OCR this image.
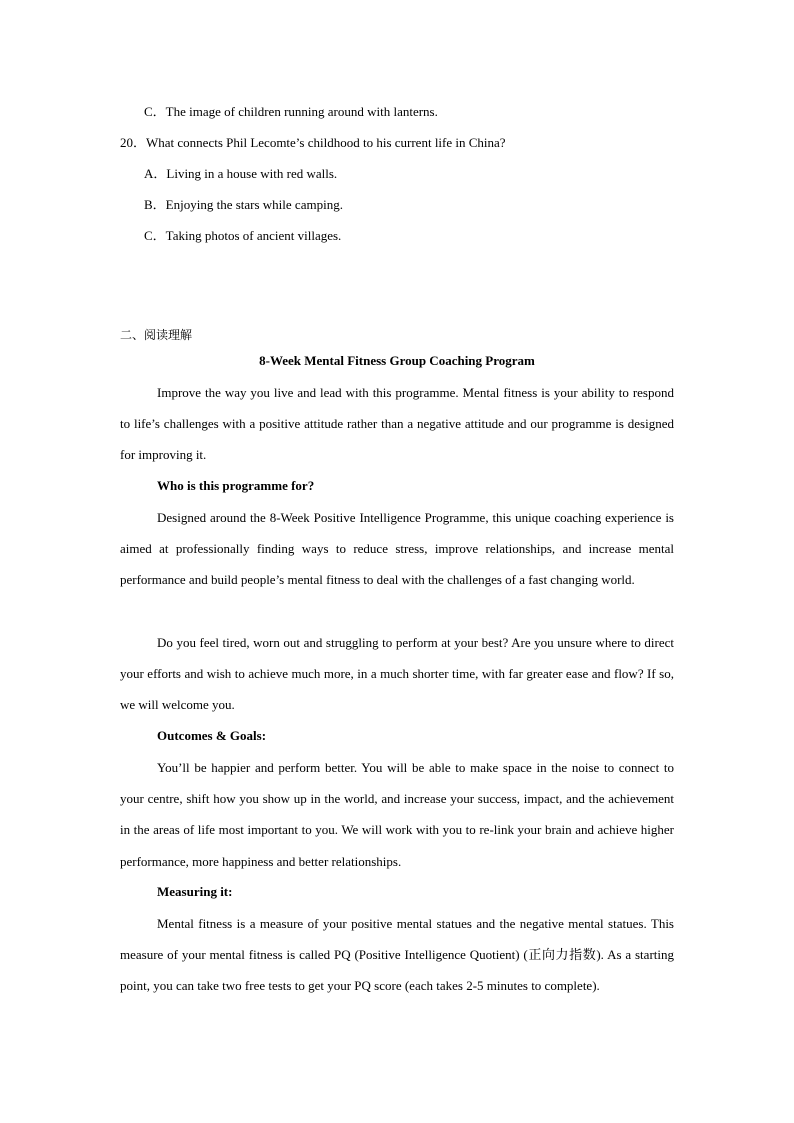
C．The image of children running around with lanterns.
20．What connects Phil Lecomte’s childhood to his current life in China?
A．Living in a house with red walls.
B．Enjoying the stars while camping.
C．Taking photos of ancient villages.
二、阅读理解
8-Week Mental Fitness Group Coaching Program

Improve the way you live and lead with this programme. Mental fitness is your ability to respond to life’s challenges with a positive attitude rather than a negative attitude and our programme is designed for improving it.

Who is this programme for?

Designed around the 8-Week Positive Intelligence Programme, this unique coaching experience is aimed at professionally finding ways to reduce stress, improve relationships, and increase mental performance and build people’s mental fitness to deal with the challenges of a fast changing world.

Do you feel tired, worn out and struggling to perform at your best? Are you unsure where to direct your efforts and wish to achieve much more, in a much shorter time, with far greater ease and flow? If so, we will welcome you.

Outcomes & Goals:

You’ll be happier and perform better. You will be able to make space in the noise to connect to your centre, shift how you show up in the world, and increase your success, impact, and the achievement in the areas of life most important to you. We will work with you to re-link your brain and achieve higher performance, more happiness and better relationships.

Measuring it:

Mental fitness is a measure of your positive mental statues and the negative mental statues. This measure of your mental fitness is called PQ (Positive Intelligence Quotient) (正向力指数). As a starting point, you can take two free tests to get your PQ score (each takes 2-5 minutes to complete).
